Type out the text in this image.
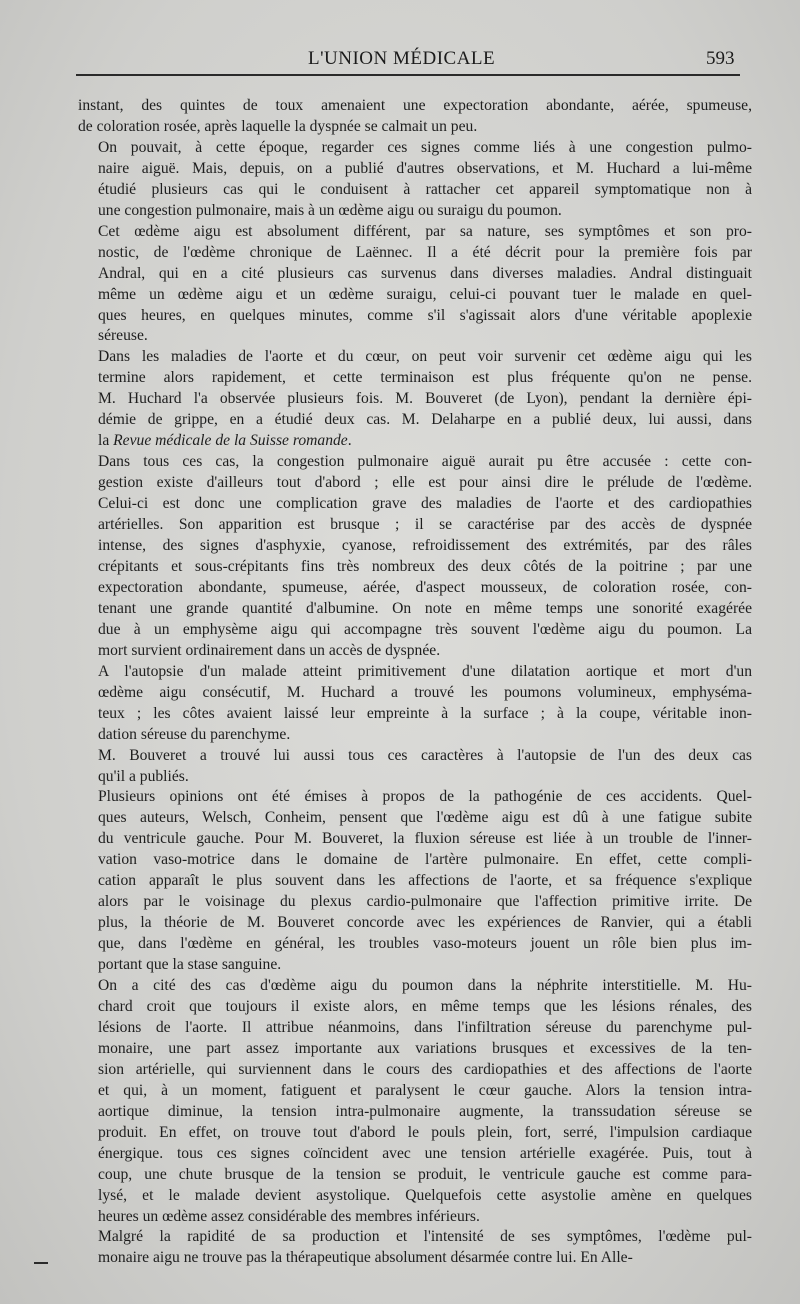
L'UNION MÉDICALE	593

instant, des quintes de toux amenaient une expectoration abondante, aérée, spumeuse,
de coloration rosée, après laquelle la dyspnée se calmait un peu.

On pouvait, à cette époque, regarder ces signes comme liés à une congestion pulmo-
naire aiguë. Mais, depuis, on a publié d'autres observations, et M. Huchard a lui-même
étudié plusieurs cas qui le conduisent à rattacher cet appareil symptomatique non à
une congestion pulmonaire, mais à un œdème aigu ou suraigu du poumon.

Cet œdème aigu est absolument différent, par sa nature, ses symptômes et son pro-
nostic, de l'œdème chronique de Laënnec. Il a été décrit pour la première fois par
Andral, qui en a cité plusieurs cas survenus dans diverses maladies. Andral distinguait
même un œdème aigu et un œdème suraigu, celui-ci pouvant tuer le malade en quel-
ques heures, en quelques minutes, comme s'il s'agissait alors d'une véritable apoplexie
séreuse.

Dans les maladies de l'aorte et du cœur, on peut voir survenir cet œdème aigu qui les
termine alors rapidement, et cette terminaison est plus fréquente qu'on ne pense.
M. Huchard l'a observée plusieurs fois. M. Bouveret (de Lyon), pendant la dernière épi-
démie de grippe, en a étudié deux cas. M. Delaharpe en a publié deux, lui aussi, dans
la Revue médicale de la Suisse romande.

Dans tous ces cas, la congestion pulmonaire aiguë aurait pu être accusée : cette con-
gestion existe d'ailleurs tout d'abord ; elle est pour ainsi dire le prélude de l'œdème.
Celui-ci est donc une complication grave des maladies de l'aorte et des cardiopathies
artérielles. Son apparition est brusque ; il se caractérise par des accès de dyspnée
intense, des signes d'asphyxie, cyanose, refroidissement des extrémités, par des râles
crépitants et sous-crépitants fins très nombreux des deux côtés de la poitrine ; par une
expectoration abondante, spumeuse, aérée, d'aspect mousseux, de coloration rosée, con-
tenant une grande quantité d'albumine. On note en même temps une sonorité exagérée
due à un emphysème aigu qui accompagne très souvent l'œdème aigu du poumon. La
mort survient ordinairement dans un accès de dyspnée.

A l'autopsie d'un malade atteint primitivement d'une dilatation aortique et mort d'un
œdème aigu consécutif, M. Huchard a trouvé les poumons volumineux, emphyséma-
teux ; les côtes avaient laissé leur empreinte à la surface ; à la coupe, véritable inon-
dation séreuse du parenchyme.

M. Bouveret a trouvé lui aussi tous ces caractères à l'autopsie de l'un des deux cas
qu'il a publiés.

Plusieurs opinions ont été émises à propos de la pathogénie de ces accidents. Quel-
ques auteurs, Welsch, Conheim, pensent que l'œdème aigu est dû à une fatigue subite
du ventricule gauche. Pour M. Bouveret, la fluxion séreuse est liée à un trouble de l'inner-
vation vaso-motrice dans le domaine de l'artère pulmonaire. En effet, cette compli-
cation apparaît le plus souvent dans les affections de l'aorte, et sa fréquence s'explique
alors par le voisinage du plexus cardio-pulmonaire que l'affection primitive irrite. De
plus, la théorie de M. Bouveret concorde avec les expériences de Ranvier, qui a établi
que, dans l'œdème en général, les troubles vaso-moteurs jouent un rôle bien plus im-
portant que la stase sanguine.

On a cité des cas d'œdème aigu du poumon dans la néphrite interstitielle. M. Hu-
chard croit que toujours il existe alors, en même temps que les lésions rénales, des
lésions de l'aorte. Il attribue néanmoins, dans l'infiltration séreuse du parenchyme pul-
monaire, une part assez importante aux variations brusques et excessives de la ten-
sion artérielle, qui surviennent dans le cours des cardiopathies et des affections de l'aorte
et qui, à un moment, fatiguent et paralysent le cœur gauche. Alors la tension intra-
aortique diminue, la tension intra-pulmonaire augmente, la transsudation séreuse se
produit. En effet, on trouve tout d'abord le pouls plein, fort, serré, l'impulsion cardiaque
énergique. tous ces signes coïncident avec une tension artérielle exagérée. Puis, tout à
coup, une chute brusque de la tension se produit, le ventricule gauche est comme para-
lysé, et le malade devient asystolique. Quelquefois cette asystolie amène en quelques
heures un œdème assez considérable des membres inférieurs.

Malgré la rapidité de sa production et l'intensité de ses symptômes, l'œdème pul-
monaire aigu ne trouve pas la thérapeutique absolument désarmée contre lui. En Alle-
